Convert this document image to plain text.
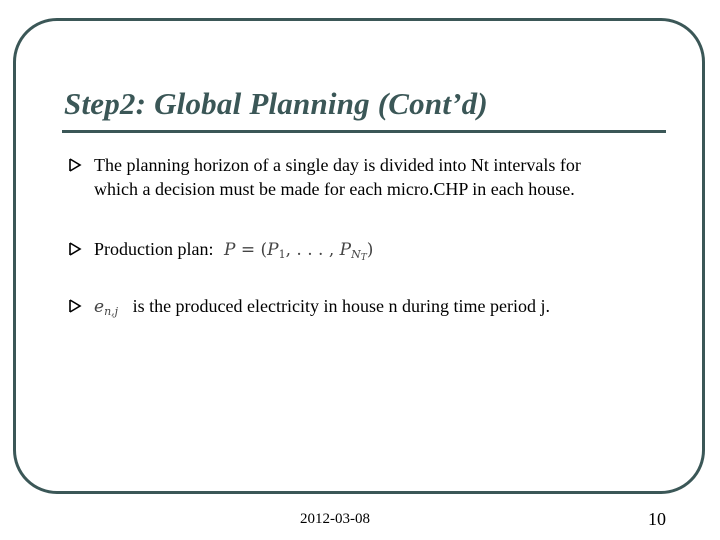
Step2: Global Planning (Cont’d)
The planning horizon of a single day is divided into Nt intervals for
which a decision must be made for each micro.CHP in each house.
Production plan: $P = (P_1$, . . . , $P_{N_T}$)
$e_{n,j}$ is the produced electricity in house n during time period j.
2012-03-08	10
